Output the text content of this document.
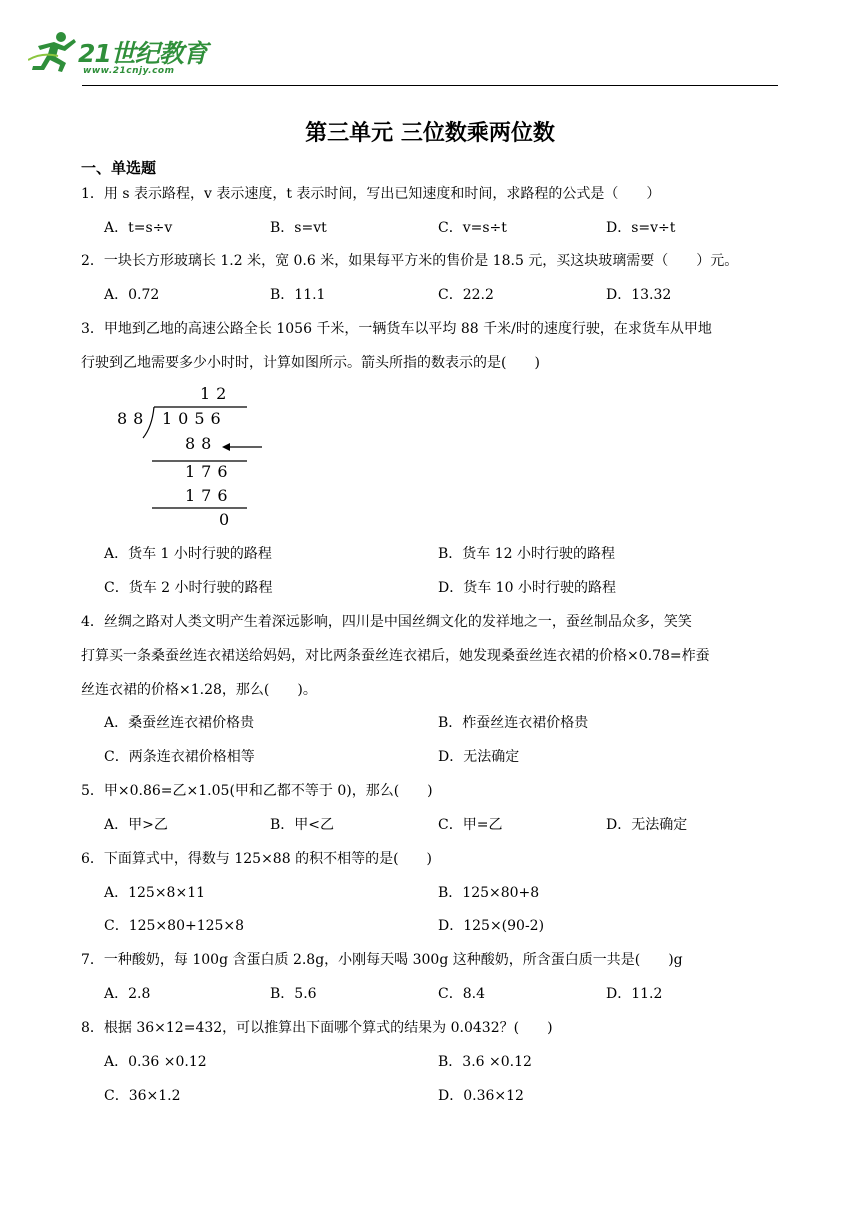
21世纪教育
www.21cnjy.com
第三单元 三位数乘两位数
一、单选题
1．用 s 表示路程，v 表示速度，t 表示时间，写出已知速度和时间，求路程的公式是（　　）
A．t=s÷v	B．s=vt	C．v=s÷t	D．s=v÷t
2．一块长方形玻璃长 1.2 米，宽 0.6 米，如果每平方米的售价是 18.5 元，买这块玻璃需要（　　）元。
A．0.72	B．11.1	C．22.2	D．13.32
3．甲地到乙地的高速公路全长 1056 千米，一辆货车以平均 88 千米/时的速度行驶，在求货车从甲地
行驶到乙地需要多少小时时，计算如图所示。箭头所指的数表示的是(　　)
12
88 1056
88
176
176
0
A．货车 1 小时行驶的路程	B．货车 12 小时行驶的路程
C．货车 2 小时行驶的路程	D．货车 10 小时行驶的路程
4．丝绸之路对人类文明产生着深远影响，四川是中国丝绸文化的发祥地之一，蚕丝制品众多，笑笑
打算买一条桑蚕丝连衣裙送给妈妈，对比两条蚕丝连衣裙后，她发现桑蚕丝连衣裙的价格×0.78=柞蚕
丝连衣裙的价格×1.28，那么(　　)。
A．桑蚕丝连衣裙价格贵	B．柞蚕丝连衣裙价格贵
C．两条连衣裙价格相等	D．无法确定
5．甲×0.86=乙×1.05(甲和乙都不等于 0)，那么(　　)
A．甲>乙	B．甲<乙	C．甲=乙	D．无法确定
6．下面算式中，得数与 125×88 的积不相等的是(　　)
A．125×8×11	B．125×80+8
C．125×80+125×8	D．125×(90-2)
7．一种酸奶，每 100g 含蛋白质 2.8g，小刚每天喝 300g 这种酸奶，所含蛋白质一共是(　　)g
A．2.8	B．5.6	C．8.4	D．11.2
8．根据 36×12=432，可以推算出下面哪个算式的结果为 0.0432？(　　)
A．0.36 ×0.12	B．3.6 ×0.12
C．36×1.2	D．0.36×12
